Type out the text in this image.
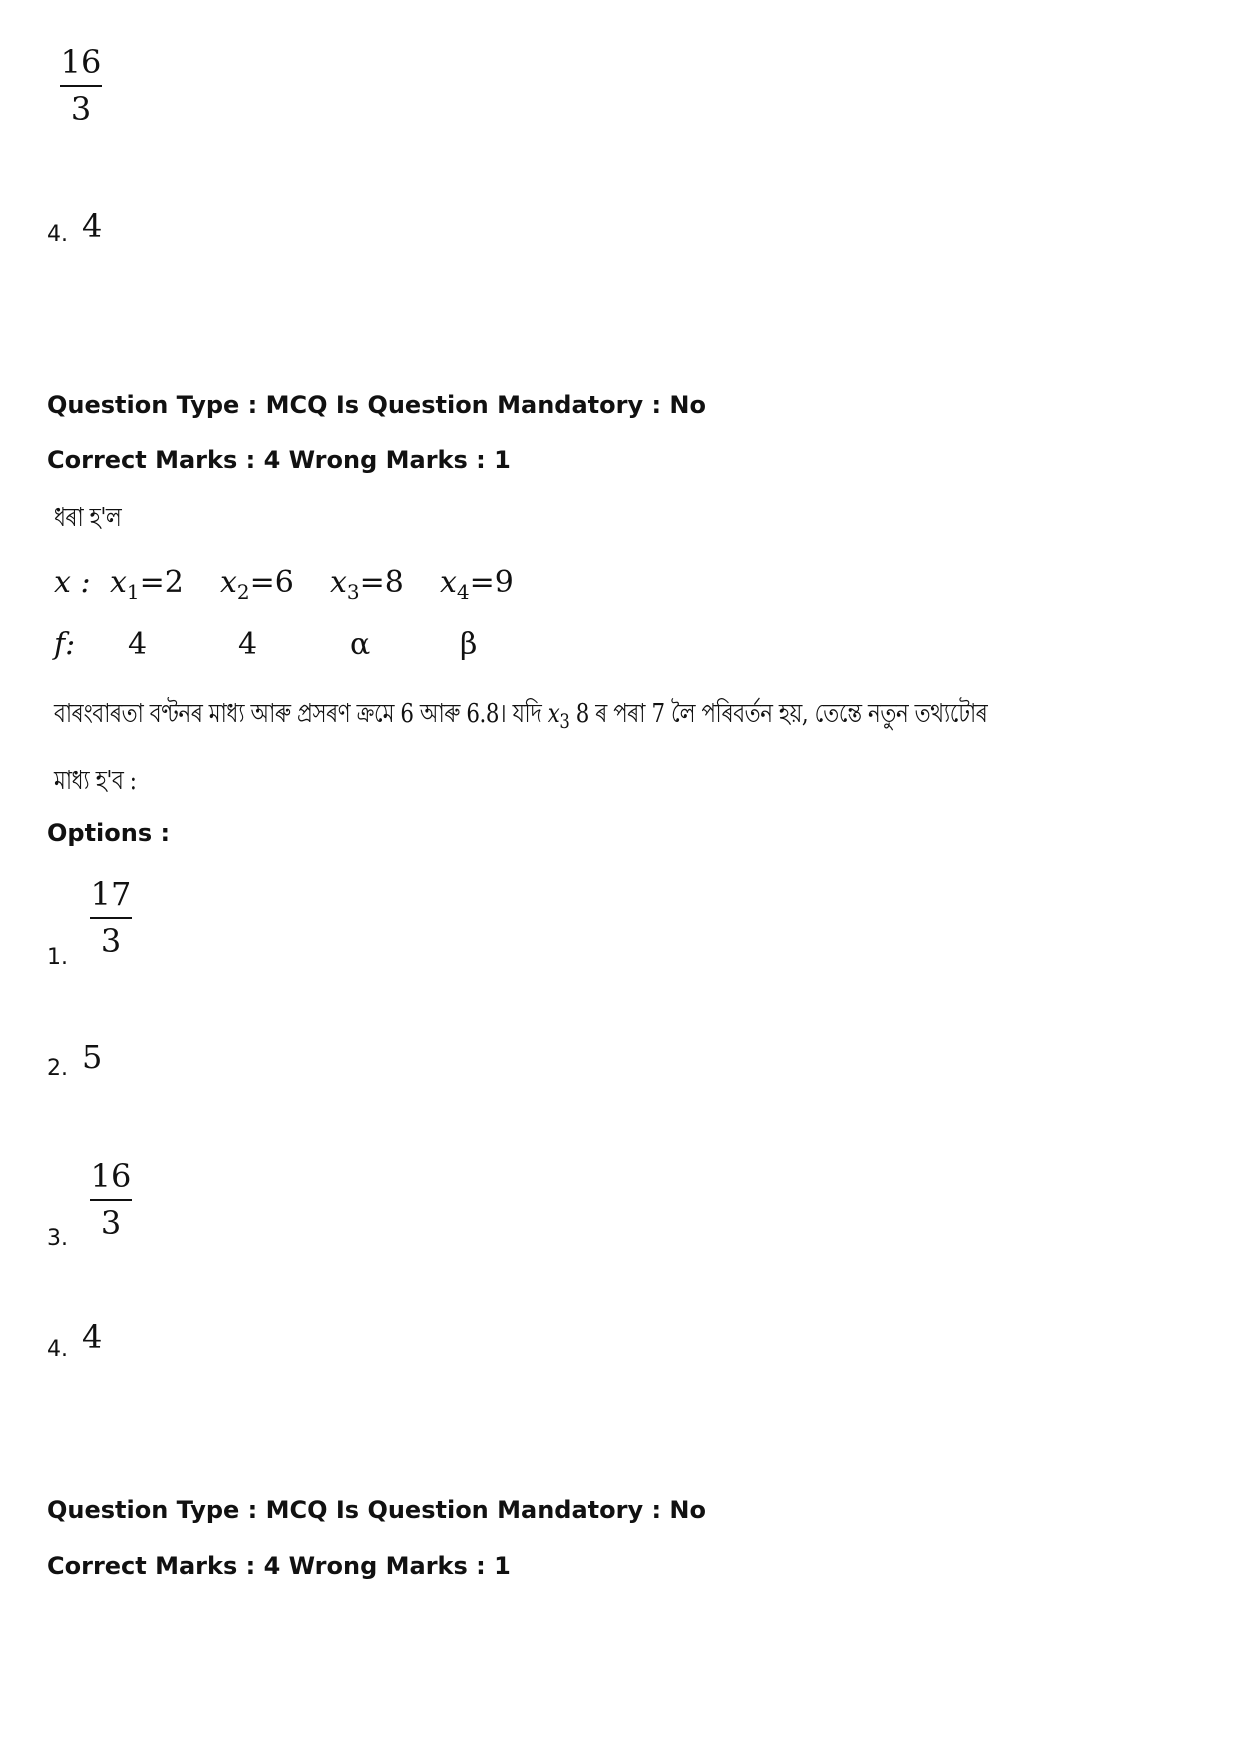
16
3
4. 4
Question Type : MCQ Is Question Mandatory : No
Correct Marks : 4 Wrong Marks : 1
ধৰা হ'ল
x : $x_1=2$ $x_2=6$ $x_3=8$ $x_4=9$
f: 4	4	α	β
বাৰংবাৰতা বণ্টনৰ মাধ্য আৰু প্ৰসৰণ ক্ৰমে 6 আৰু 6.8। যদি $x_3$ 8 ৰ পৰা 7 লৈ পৰিবৰ্তন হয়, তেন্তে নতুন তথ্যটোৰ
মাধ্য হ'ব :
Options :
1.
17
3
2. 5
3.
16
3
4. 4
Question Type : MCQ Is Question Mandatory : No
Correct Marks : 4 Wrong Marks : 1
